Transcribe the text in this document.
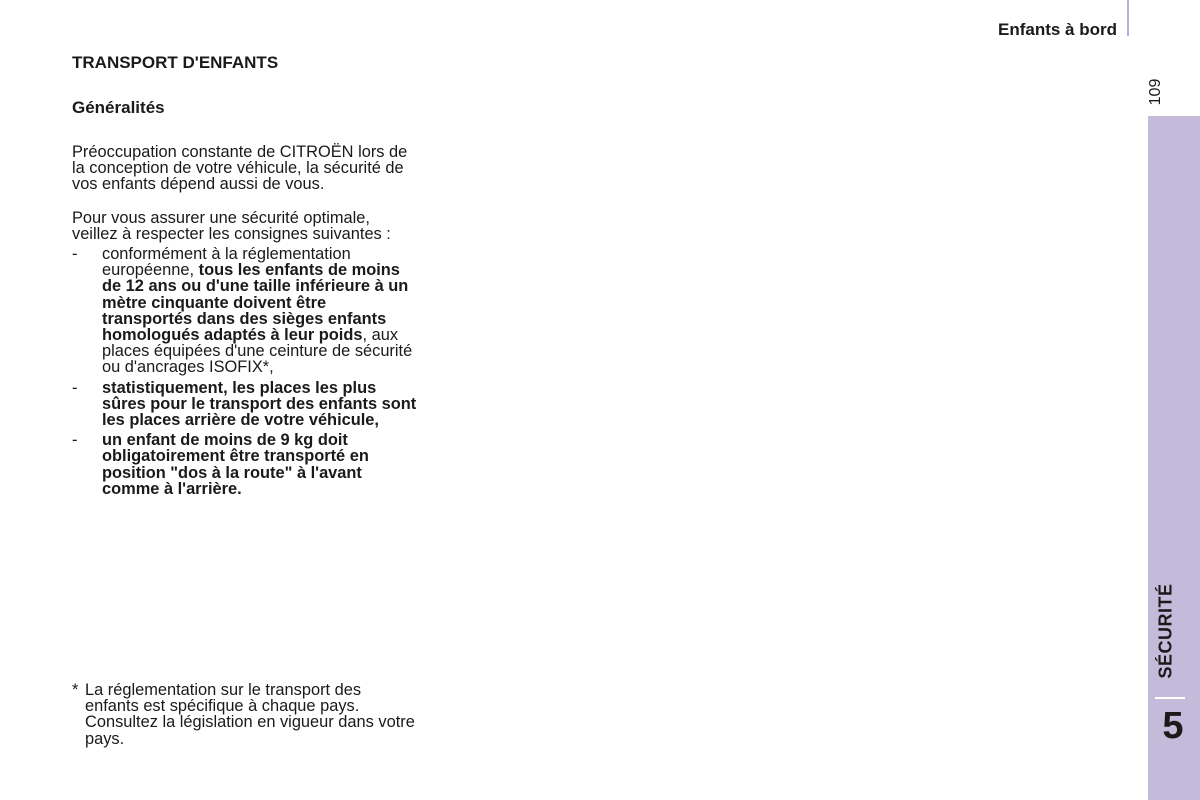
Enfants à bord
109
SÉCURITÉ
5
TRANSPORT D'ENFANTS
Généralités

Préoccupation constante de CITROËN lors de la conception de votre véhicule, la sécurité de vos enfants dépend aussi de vous.

Pour vous assurer une sécurité optimale, veillez à respecter les consignes suivantes :

- conformément à la réglementation européenne, tous les enfants de moins de 12 ans ou d'une taille inférieure à un mètre cinquante doivent être transportés dans des sièges enfants homologués adaptés à leur poids, aux places équipées d'une ceinture de sécurité ou d'ancrages ISOFIX*,
- statistiquement, les places les plus sûres pour le transport des enfants sont les places arrière de votre véhicule,
- un enfant de moins de 9 kg doit obligatoirement être transporté en position "dos à la route" à l'avant comme à l'arrière.
* La réglementation sur le transport des enfants est spécifique à chaque pays. Consultez la législation en vigueur dans votre pays.
